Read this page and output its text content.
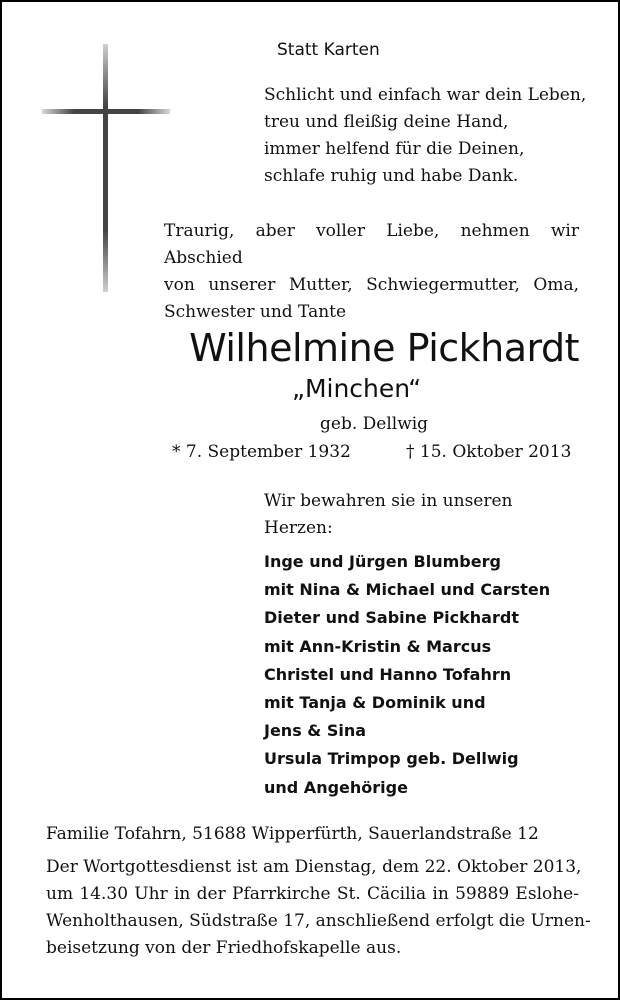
Statt Karten
Schlicht und einfach war dein Leben,
treu und fleißig deine Hand,
immer helfend für die Deinen,
schlafe ruhig und habe Dank.
Traurig, aber voller Liebe, nehmen wir Abschied
von unserer Mutter, Schwiegermutter, Oma,
Schwester und Tante
Wilhelmine Pickhardt
„Minchen“
geb. Dellwig
* 7. September 1932	† 15. Oktober 2013
Wir bewahren sie in unseren
Herzen:
Inge und Jürgen Blumberg
mit Nina & Michael und Carsten
Dieter und Sabine Pickhardt
mit Ann-Kristin & Marcus
Christel und Hanno Tofahrn
mit Tanja & Dominik und
Jens & Sina
Ursula Trimpop geb. Dellwig
und Angehörige
Familie Tofahrn, 51688 Wipperfürth, Sauerlandstraße 12
Der Wortgottesdienst ist am Dienstag, dem 22. Oktober 2013,
um 14.30 Uhr in der Pfarrkirche St. Cäcilia in 59889 Eslohe-
Wenholthausen, Südstraße 17, anschließend erfolgt die Urnen-
beisetzung von der Friedhofskapelle aus.
